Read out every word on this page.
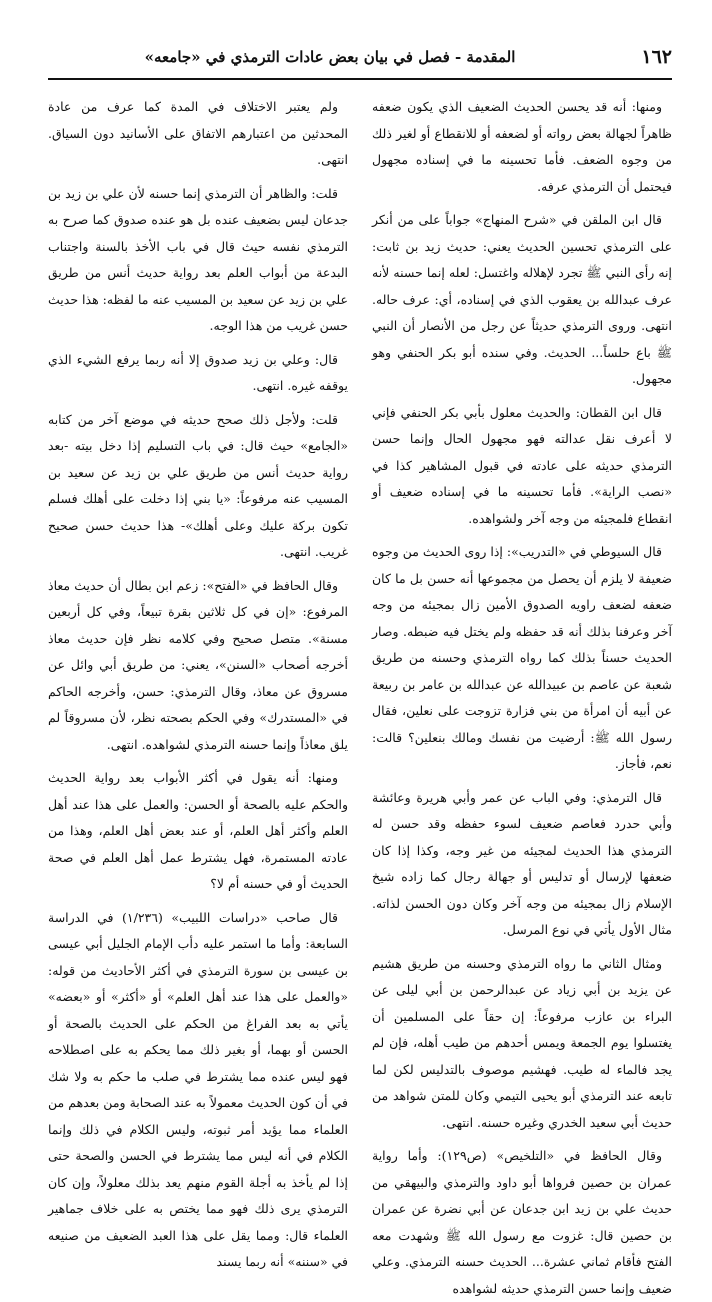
١٦٢
المقدمة - فصل في بيان بعض عادات الترمذي في «جامعه»

ومنها: أنه قد يحسن الحديث الضعيف الذي يكون ضعفه ظاهراً لجهالة بعض رواته أو لضعفه أو للانقطاع أو لغير ذلك من وجوه الضعف. فأما تحسينه ما في إسناده مجهول فيحتمل أن الترمذي عرفه.

قال ابن الملقن في «شرح المنهاج» جواباً على من أنكر على الترمذي تحسين الحديث يعني: حديث زيد بن ثابت: إنه رأى النبي ﷺ تجرد لإهلاله واغتسل: لعله إنما حسنه لأنه عرف عبدالله بن يعقوب الذي في إسناده، أي: عرف حاله. انتهى. وروى الترمذي حديثاً عن رجل من الأنصار أن النبي ﷺ باع حلساً... الحديث. وفي سنده أبو بكر الحنفي وهو مجهول.

قال ابن القطان: والحديث معلول بأبي بكر الحنفي فإني لا أعرف نقل عدالته فهو مجهول الحال وإنما حسن الترمذي حديثه على عادته في قبول المشاهير كذا في «نصب الراية». فأما تحسينه ما في إسناده ضعيف أو انقطاع فلمجيئه من وجه آخر ولشواهده.

قال السيوطي في «التدريب»: إذا روى الحديث من وجوه ضعيفة لا يلزم أن يحصل من مجموعها أنه حسن بل ما كان ضعفه لضعف راويه الصدوق الأمين زال بمجيئه من وجه آخر وعرفنا بذلك أنه قد حفظه ولم يختل فيه ضبطه. وصار الحديث حسناً بذلك كما رواه الترمذي وحسنه من طريق شعبة عن عاصم بن عبيدالله عن عبدالله بن عامر بن ربيعة عن أبيه أن امرأة من بني فزارة تزوجت على نعلين، فقال رسول الله ﷺ: أرضيت من نفسك ومالك بنعلين؟ قالت: نعم، فأجاز.

قال الترمذي: وفي الباب عن عمر وأبي هريرة وعائشة وأبي حدرد فعاصم ضعيف لسوء حفظه وقد حسن له الترمذي هذا الحديث لمجيئه من غير وجه، وكذا إذا كان ضعفها لإرسال أو تدليس أو جهالة رجال كما زاده شيخ الإسلام زال بمجيئه من وجه آخر وكان دون الحسن لذاته. مثال الأول يأتي في نوع المرسل.

ومثال الثاني ما رواه الترمذي وحسنه من طريق هشيم عن يزيد بن أبي زياد عن عبدالرحمن بن أبي ليلى عن البراء بن عازب مرفوعاً: إن حقاً على المسلمين أن يغتسلوا يوم الجمعة ويمس أحدهم من طيب أهله، فإن لم يجد فالماء له طيب. فهشيم موصوف بالتدليس لكن لما تابعه عند الترمذي أبو يحيى التيمي وكان للمتن شواهد من حديث أبي سعيد الخدري وغيره حسنه. انتهى.

وقال الحافظ في «التلخيص» (ص١٢٩): وأما رواية عمران بن حصين فرواها أبو داود والترمذي والبيهقي من حديث علي بن زيد ابن جدعان عن أبي نضرة عن عمران بن حصين قال: غزوت مع رسول الله ﷺ وشهدت معه الفتح فأقام ثماني عشرة... الحديث حسنه الترمذي. وعلي ضعيف وإنما حسن الترمذي حديثه لشواهده

ولم يعتبر الاختلاف في المدة كما عرف من عادة المحدثين من اعتبارهم الاتفاق على الأسانيد دون السياق. انتهى.

قلت: والظاهر أن الترمذي إنما حسنه لأن علي بن زيد بن جدعان ليس بضعيف عنده بل هو عنده صدوق كما صرح به الترمذي نفسه حيث قال في باب الأخذ بالسنة واجتناب البدعة من أبواب العلم بعد رواية حديث أنس من طريق علي بن زيد عن سعيد بن المسيب عنه ما لفظه: هذا حديث حسن غريب من هذا الوجه.

قال: وعلي بن زيد صدوق إلا أنه ربما يرفع الشيء الذي يوقفه غيره. انتهى.

قلت: ولأجل ذلك صحح حديثه في موضع آخر من كتابه «الجامع» حيث قال: في باب التسليم إذا دخل بيته -بعد رواية حديث أنس من طريق علي بن زيد عن سعيد بن المسيب عنه مرفوعاً: «يا بني إذا دخلت على أهلك فسلم تكون بركة عليك وعلى أهلك»- هذا حديث حسن صحيح غريب. انتهى.

وقال الحافظ في «الفتح»: زعم ابن بطال أن حديث معاذ المرفوع: «إن في كل ثلاثين بقرة تبيعاً، وفي كل أربعين مسنة». متصل صحيح وفي كلامه نظر فإن حديث معاذ أخرجه أصحاب «السنن»، يعني: من طريق أبي وائل عن مسروق عن معاذ، وقال الترمذي: حسن، وأخرجه الحاكم في «المستدرك» وفي الحكم بصحته نظر، لأن مسروقاً لم يلق معاذاً وإنما حسنه الترمذي لشواهده. انتهى.

ومنها: أنه يقول في أكثر الأبواب بعد رواية الحديث والحكم عليه بالصحة أو الحسن: والعمل على هذا عند أهل العلم وأكثر أهل العلم، أو عند بعض أهل العلم، وهذا من عادته المستمرة، فهل يشترط عمل أهل العلم في صحة الحديث أو في حسنه أم لا؟

قال صاحب «دراسات اللبيب» (١/٢٣٦) في الدراسة السابعة: وأما ما استمر عليه دأب الإمام الجليل أبي عيسى بن عيسى بن سورة الترمذي في أكثر الأحاديث من قوله: «والعمل على هذا عند أهل العلم» أو «أكثر» أو «بعضه» يأتي به بعد الفراغ من الحكم على الحديث بالصحة أو الحسن أو بهما، أو بغير ذلك مما يحكم به على اصطلاحه فهو ليس عنده مما يشترط في صلب ما حكم به ولا شك في أن كون الحديث معمولاً به عند الصحابة ومن بعدهم من العلماء مما يؤيد أمر ثبوته، وليس الكلام في ذلك وإنما الكلام في أنه ليس مما يشترط في الحسن والصحة حتى إذا لم يأخذ به أجلة القوم منهم يعد بذلك معلولاً، وإن كان الترمذي يرى ذلك فهو مما يختص به على خلاف جماهير العلماء قال: ومما يقل على هذا العبد الضعيف من صنيعه في «سننه» أنه ربما يسند
